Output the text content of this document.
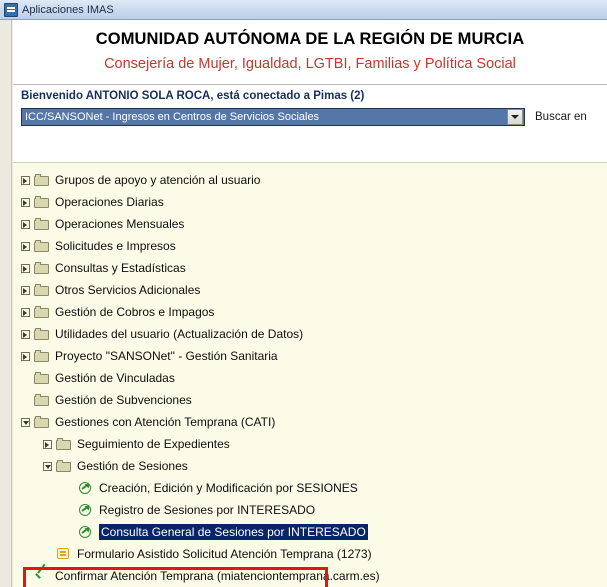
Aplicaciones IMAS
COMUNIDAD AUTÓNOMA DE LA REGIÓN DE MURCIA
Consejería de Mujer, Igualdad, LGTBI, Familias y Política Social
Bienvenido ANTONIO SOLA ROCA, está conectado a Pimas (2)
ICC/SANSONet - Ingresos en Centros de Servicios Sociales	Buscar en
Grupos de apoyo y atención al usuario
Operaciones Diarias
Operaciones Mensuales
Solicitudes e Impresos
Consultas y Estadísticas
Otros Servicios Adicionales
Gestión de Cobros e Impagos
Utilidades del usuario (Actualización de Datos)
Proyecto "SANSONet" - Gestión Sanitaria
Gestión de Vinculadas
Gestión de Subvenciones
Gestiones con Atención Temprana (CATI)
Seguimiento de Expedientes
Gestión de Sesiones
Creación, Edición y Modificación por SESIONES
Registro de Sesiones por INTERESADO
Consulta General de Sesiones por INTERESADO
Formulario Asistido Solicitud Atención Temprana (1273)
Confirmar Atención Temprana (miatenciontemprana.carm.es)
